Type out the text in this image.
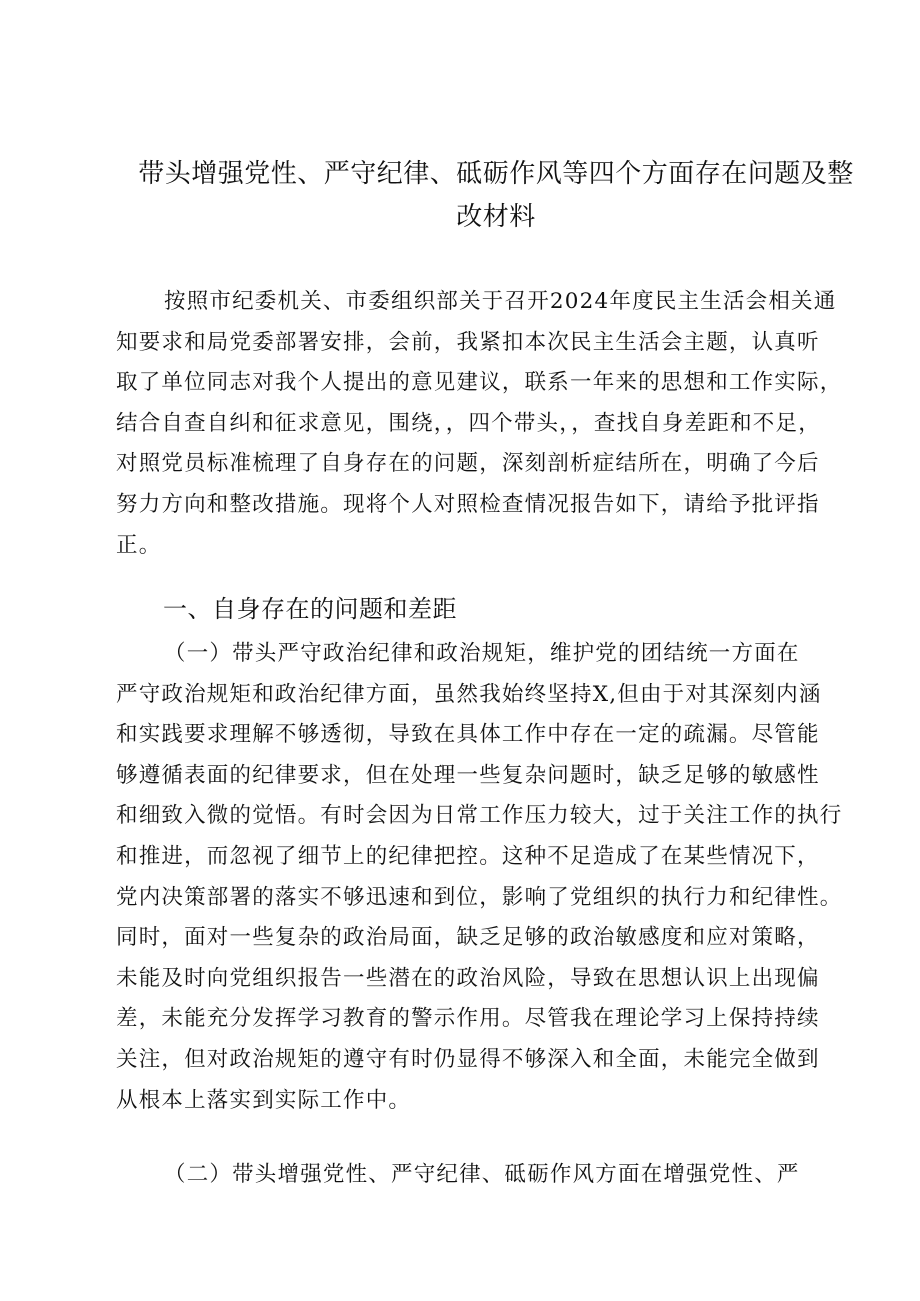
带头增强党性、严守纪律、砥砺作风等四个方面存在问题及整
改材料

按照市纪委机关、市委组织部关于召开2024年度民主生活会相关通
知要求和局党委部署安排，会前，我紧扣本次民主生活会主题，认真听
取了单位同志对我个人提出的意见建议，联系一年来的思想和工作实际，
结合自查自纠和征求意见，围绕，，四个带头，，查找自身差距和不足，
对照党员标准梳理了自身存在的问题，深刻剖析症结所在，明确了今后
努力方向和整改措施。现将个人对照检查情况报告如下，请给予批评指
正。

一、自身存在的问题和差距

（一）带头严守政治纪律和政治规矩，维护党的团结统一方面在
严守政治规矩和政治纪律方面，虽然我始终坚持X,但由于对其深刻内涵
和实践要求理解不够透彻，导致在具体工作中存在一定的疏漏。尽管能
够遵循表面的纪律要求，但在处理一些复杂问题时，缺乏足够的敏感性
和细致入微的觉悟。有时会因为日常工作压力较大，过于关注工作的执行
和推进，而忽视了细节上的纪律把控。这种不足造成了在某些情况下，
党内决策部署的落实不够迅速和到位，影响了党组织的执行力和纪律性。
同时，面对一些复杂的政治局面，缺乏足够的政治敏感度和应对策略，
未能及时向党组织报告一些潜在的政治风险，导致在思想认识上出现偏
差，未能充分发挥学习教育的警示作用。尽管我在理论学习上保持持续
关注，但对政治规矩的遵守有时仍显得不够深入和全面，未能完全做到
从根本上落实到实际工作中。

（二）带头增强党性、严守纪律、砥砺作风方面在增强党性、严
